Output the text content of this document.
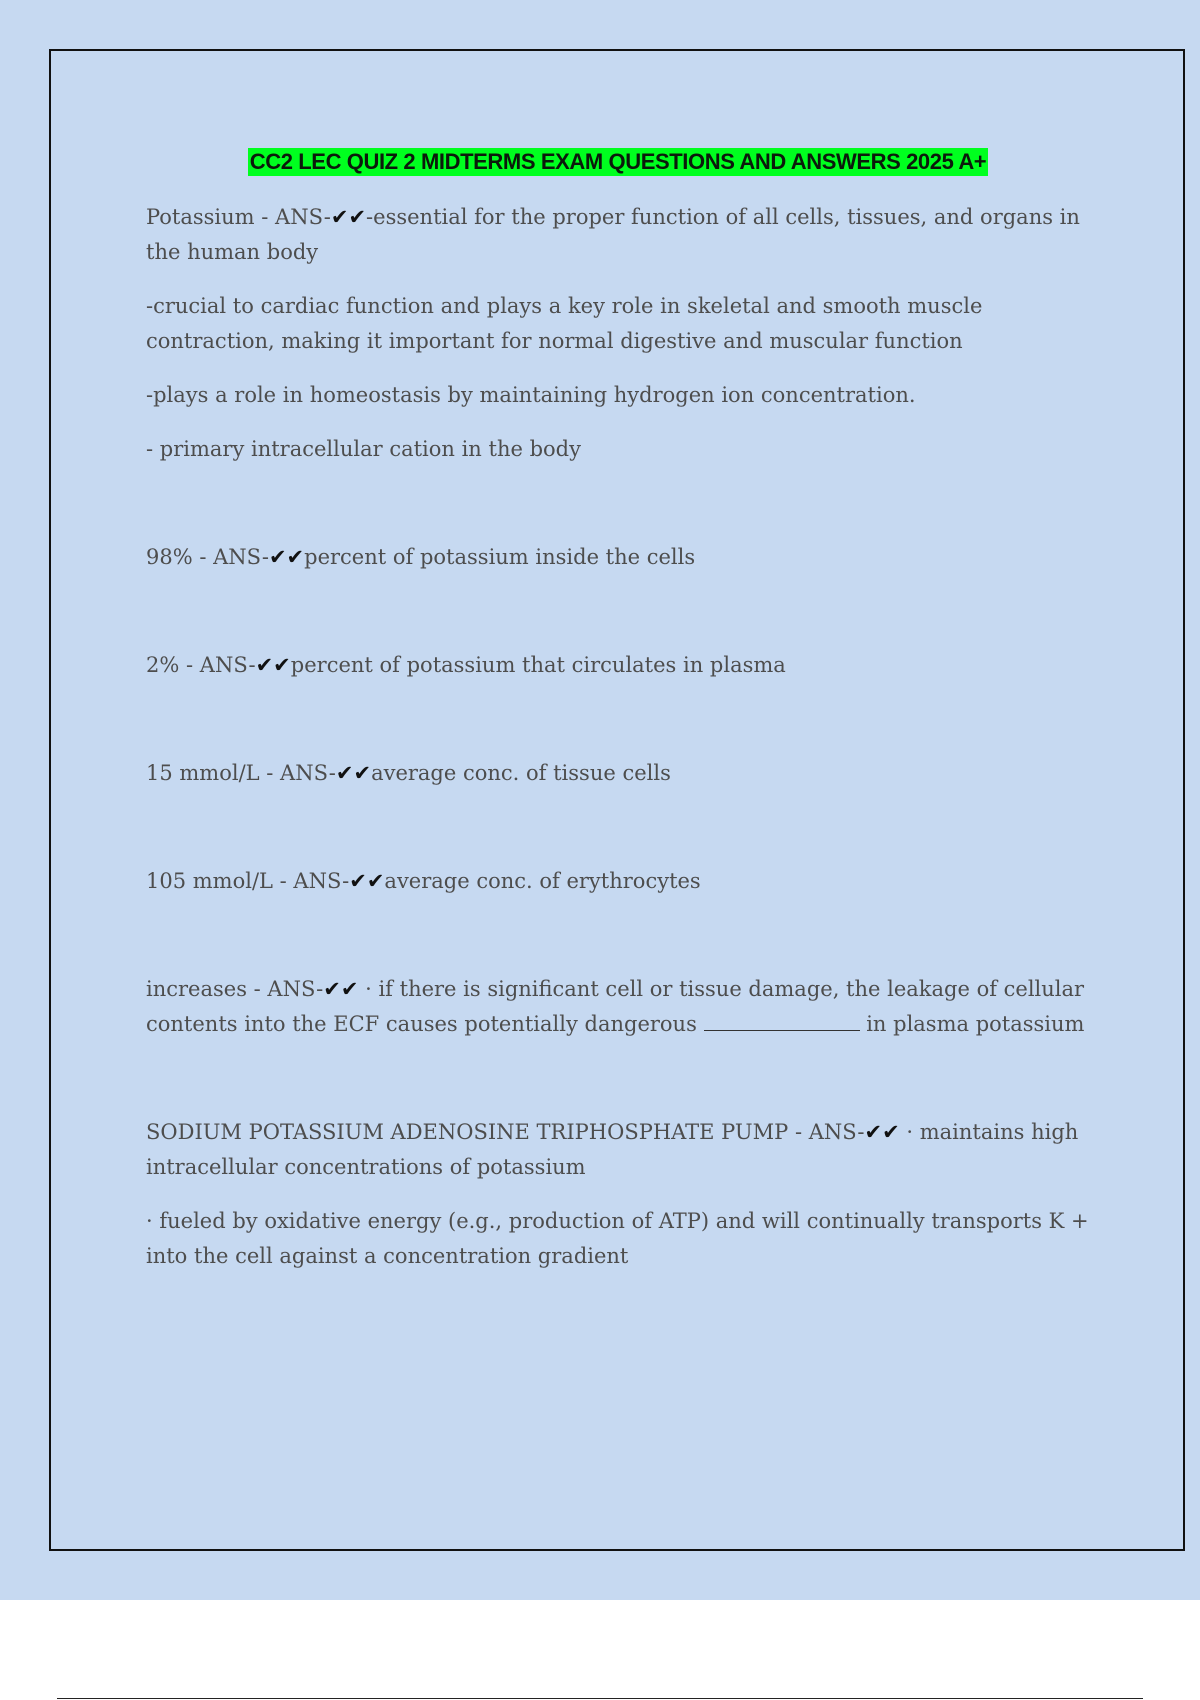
CC2 LEC QUIZ 2 MIDTERMS EXAM QUESTIONS AND ANSWERS 2025 A+

Potassium - ANS-✔✔-essential for the proper function of all cells, tissues, and organs in the human body

-crucial to cardiac function and plays a key role in skeletal and smooth muscle contraction, making it important for normal digestive and muscular function

-plays a role in homeostasis by maintaining hydrogen ion concentration.

- primary intracellular cation in the body

98% - ANS-✔✔percent of potassium inside the cells

2% - ANS-✔✔percent of potassium that circulates in plasma

15 mmol/L - ANS-✔✔average conc. of tissue cells

105 mmol/L - ANS-✔✔average conc. of erythrocytes

increases - ANS-✔✔ · if there is significant cell or tissue damage, the leakage of cellular contents into the ECF causes potentially dangerous	in plasma potassium

SODIUM POTASSIUM ADENOSINE TRIPHOSPHATE PUMP - ANS-✔✔ · maintains high intracellular concentrations of potassium

· fueled by oxidative energy (e.g., production of ATP) and will continually transports K + into the cell against a concentration gradient
